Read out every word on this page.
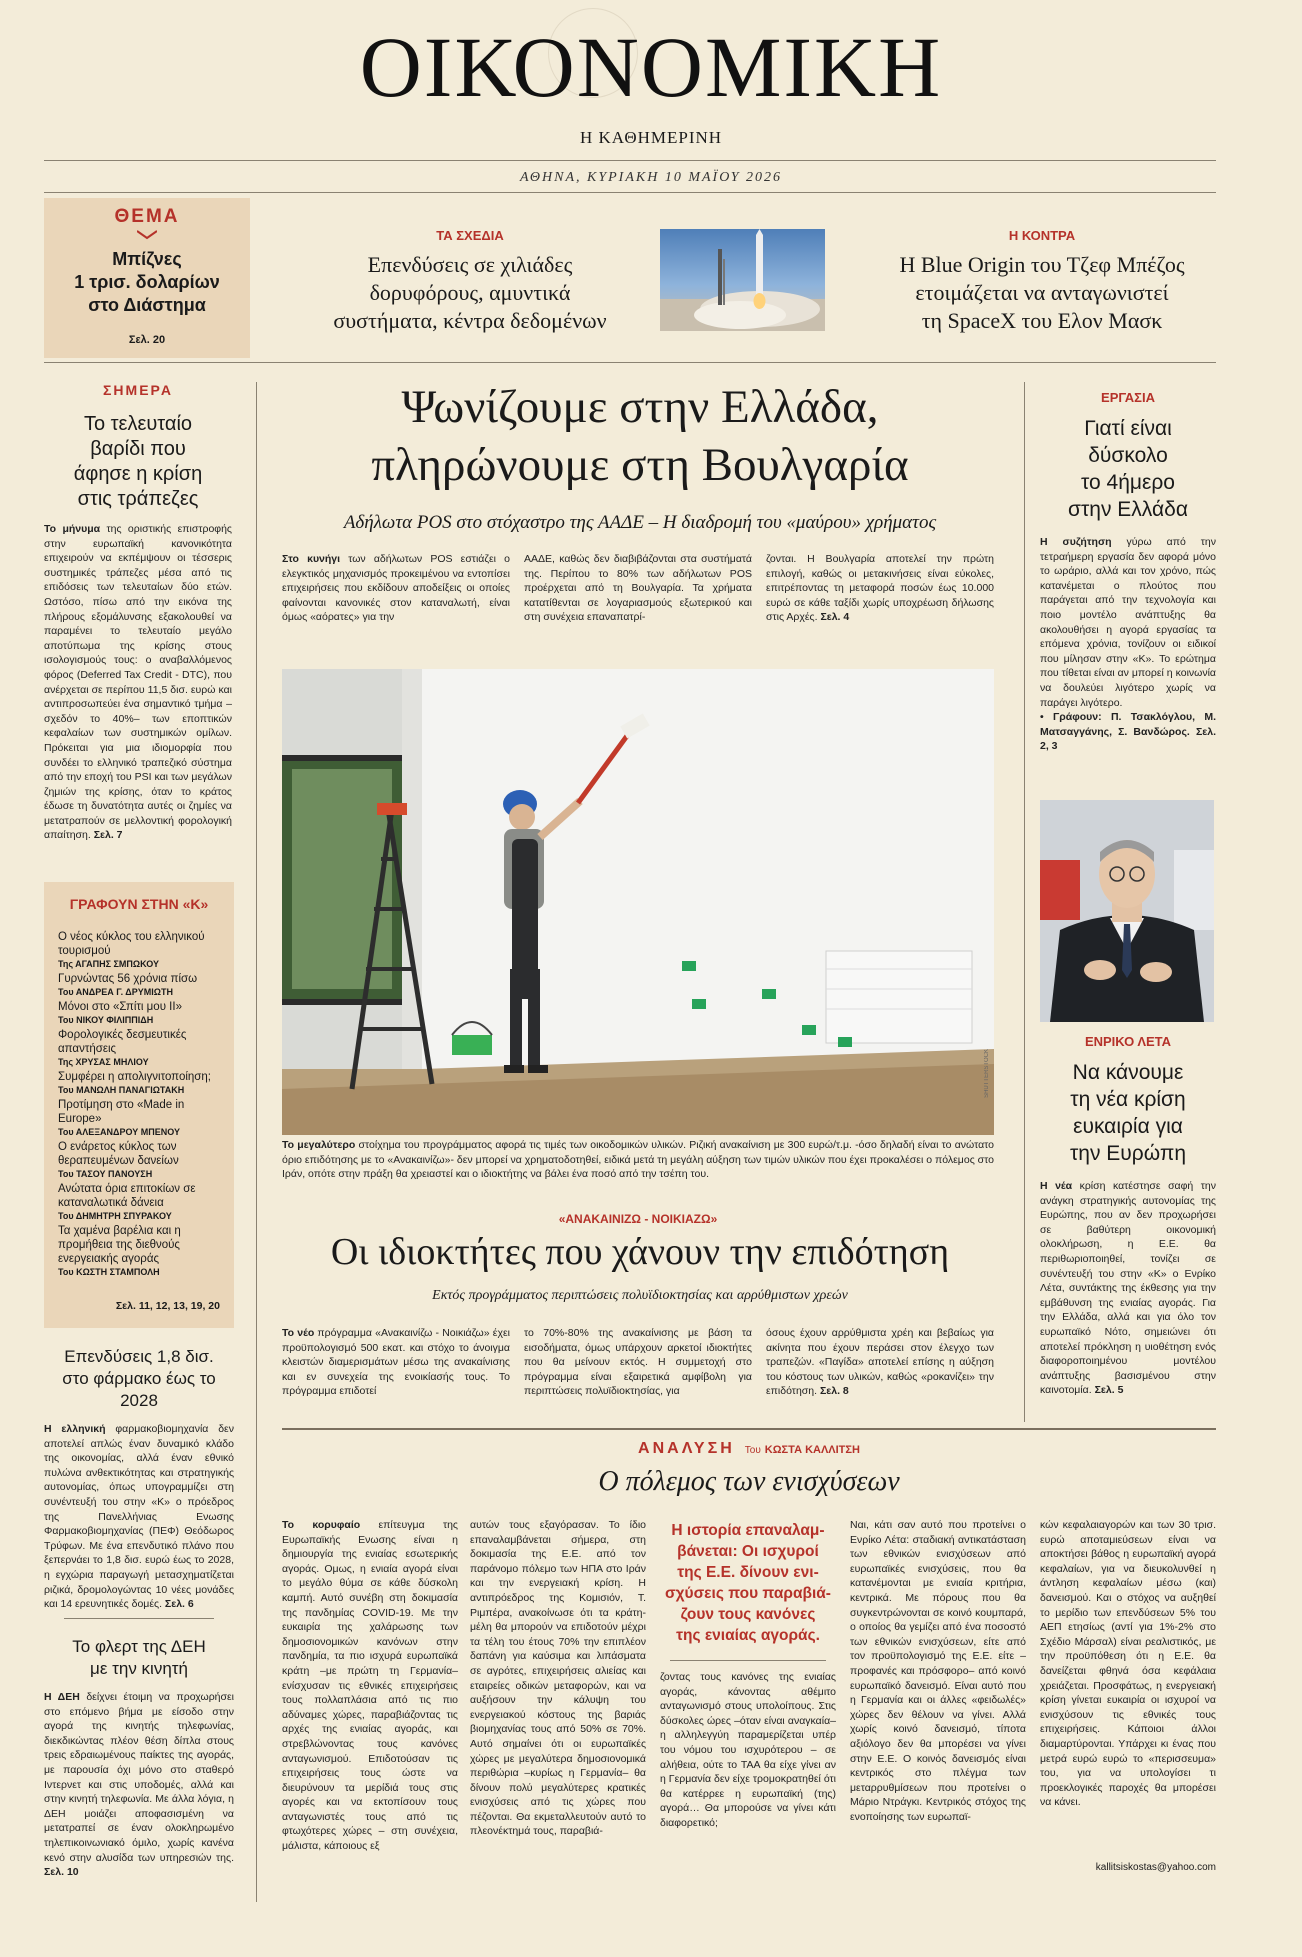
ΟΙΚΟΝΟΜΙΚΗ
Η ΚΑΘΗΜΕΡΙΝΗ
ΑΘΗΝΑ, ΚΥΡΙΑΚΗ 10 ΜΑΪΟΥ 2026
ΘΕΜΑ
Μπίζνες
1 τρισ. δολαρίων
στο Διάστημα
Σελ. 20
ΤΑ ΣΧΕΔΙΑ
Επενδύσεις σε χιλιάδες
δορυφόρους, αμυντικά
συστήματα, κέντρα δεδομένων
Η ΚΟΝΤΡΑ
Η Blue Origin του Τζεφ Μπέζος
ετοιμάζεται να ανταγωνιστεί
τη SpaceX του Ελον Μασκ
ΣΗΜΕΡΑ
Το τελευταίο
βαρίδι που
άφησε η κρίση
στις τράπεζες
Το μήνυμα της οριστικής επιστροφής στην ευρωπαϊκή κανονικότητα επιχειρούν να εκπέμψουν οι τέσσερις συστημικές τράπεζες μέσα από τις επιδόσεις των τελευταίων δύο ετών. Ωστόσο, πίσω από την εικόνα της πλήρους εξομάλυνσης εξακολουθεί να παραμένει το τελευταίο μεγάλο αποτύπωμα της κρίσης στους ισολογισμούς τους: ο αναβαλλόμενος φόρος (Deferred Tax Credit - DTC), που ανέρχεται σε περίπου 11,5 δισ. ευρώ και αντιπροσωπεύει ένα σημαντικό τμήμα –σχεδόν το 40%– των εποπτικών κεφαλαίων των συστημικών ομίλων. Πρόκειται για μια ιδιομορφία που συνδέει το ελληνικό τραπεζικό σύστημα από την εποχή του PSI και των μεγάλων ζημιών της κρίσης, όταν το κράτος έδωσε τη δυνατότητα αυτές οι ζημίες να μετατραπούν σε μελλοντική φορολογική απαίτηση. Σελ. 7
ΓΡΑΦΟΥΝ ΣΤΗΝ «Κ»
Ο νέος κύκλος του ελληνικού τουρισμού
Της ΑΓΑΠΗΣ ΣΜΠΩΚΟΥ
Γυρνώντας 56 χρόνια πίσω
Του ΑΝΔΡΕΑ Γ. ΔΡΥΜΙΩΤΗ
Μόνοι στο «Σπίτι μου ΙΙ»
Του ΝΙΚΟΥ ΦΙΛΙΠΠΙΔΗ
Φορολογικές δεσμευτικές απαντήσεις
Της ΧΡΥΣΑΣ ΜΗΛΙΟΥ
Συμφέρει η απολιγνιτοποίηση;
Του ΜΑΝΩΛΗ ΠΑΝΑΓΙΩΤΑΚΗ
Προτίμηση στο «Made in Europe»
Του ΑΛΕΞΑΝΔΡΟΥ ΜΠΕΝΟΥ
Ο ενάρετος κύκλος των θεραπευμένων δανείων
Του ΤΑΣΟΥ ΠΑΝΟΥΣΗ
Ανώτατα όρια επιτοκίων σε καταναλωτικά δάνεια
Του ΔΗΜΗΤΡΗ ΣΠΥΡΑΚΟΥ
Τα χαμένα βαρέλια και η προμήθεια της διεθνούς ενεργειακής αγοράς
Του ΚΩΣΤΗ ΣΤΑΜΠΟΛΗ
Σελ. 11, 12, 13, 19, 20
Επενδύσεις 1,8 δισ.
στο φάρμακο έως το 2028
Η ελληνική φαρμακοβιομηχανία δεν αποτελεί απλώς έναν δυναμικό κλάδο της οικονομίας, αλλά έναν εθνικό πυλώνα ανθεκτικότητας και στρατηγικής αυτονομίας, όπως υπογραμμίζει στη συνέντευξή του στην «Κ» ο πρόεδρος της Πανελλήνιας Ενωσης Φαρμακοβιομηχανίας (ΠΕΦ) Θεόδωρος Τρύφων. Με ένα επενδυτικό πλάνο που ξεπερνάει το 1,8 δισ. ευρώ έως το 2028, η εγχώρια παραγωγή μετασχηματίζεται ριζικά, δρομολογώντας 10 νέες μονάδες και 14 ερευνητικές δομές. Σελ. 6
Το φλερτ της ΔΕΗ
με την κινητή
Η ΔΕΗ δείχνει έτοιμη να προχωρήσει στο επόμενο βήμα με είσοδο στην αγορά της κινητής τηλεφωνίας, διεκδικώντας πλέον θέση δίπλα στους τρεις εδραιωμένους παίκτες της αγοράς, με παρουσία όχι μόνο στο σταθερό Ιντερνετ και στις υποδομές, αλλά και στην κινητή τηλεφωνία. Με άλλα λόγια, η ΔΕΗ μοιάζει αποφασισμένη να μετατραπεί σε έναν ολοκληρωμένο τηλεπικοινωνιακό όμιλο, χωρίς κανένα κενό στην αλυσίδα των υπηρεσιών της. Σελ. 10
Ψωνίζουμε στην Ελλάδα,
πληρώνουμε στη Βουλγαρία
Αδήλωτα POS στο στόχαστρο της ΑΑΔΕ – Η διαδρομή του «μαύρου» χρήματος
Στο κυνήγι των αδήλωτων POS εστιάζει ο ελεγκτικός μηχανισμός προκειμένου να εντοπίσει επιχειρήσεις που εκδίδουν αποδείξεις οι οποίες φαίνονται κανονικές στον καταναλωτή, είναι όμως «αόρατες» για την
ΑΑΔΕ, καθώς δεν διαβιβάζονται στα συστήματά της. Περίπου το 80% των αδήλωτων POS προέρχεται από τη Βουλγαρία. Τα χρήματα κατατίθενται σε λογαριασμούς εξωτερικού και στη συνέχεια επαναπατρί-
ζονται. Η Βουλγαρία αποτελεί την πρώτη επιλογή, καθώς οι μετακινήσεις είναι εύκολες, επιτρέποντας τη μεταφορά ποσών έως 10.000 ευρώ σε κάθε ταξίδι χωρίς υποχρέωση δήλωσης στις Αρχές. Σελ. 4
SHUTTERSTOCK
Το μεγαλύτερο στοίχημα του προγράμματος αφορά τις τιμές των οικοδομικών υλικών. Ριζική ανακαίνιση με 300 ευρώ/τ.μ. -όσο δηλαδή είναι το ανώτατο όριο επιδότησης με το «Ανακαινίζω»- δεν μπορεί να χρηματοδοτηθεί, ειδικά μετά τη μεγάλη αύξηση των τιμών υλικών που έχει προκαλέσει ο πόλεμος στο Ιράν, οπότε στην πράξη θα χρειαστεί και ο ιδιοκτήτης να βάλει ένα ποσό από την τσέπη του.
«ΑΝΑΚΑΙΝΙΖΩ - ΝΟΙΚΙΑΖΩ»
Οι ιδιοκτήτες που χάνουν την επιδότηση
Εκτός προγράμματος περιπτώσεις πολυϊδιοκτησίας και αρρύθμιστων χρεών
Το νέο πρόγραμμα «Ανακαινίζω - Νοικιάζω» έχει προϋπολογισμό 500 εκατ. και στόχο το άνοιγμα κλειστών διαμερισμάτων μέσω της ανακαίνισης και εν συνεχεία της ενοικίασής τους. Το πρόγραμμα επιδοτεί
το 70%-80% της ανακαίνισης με βάση τα εισοδήματα, όμως υπάρχουν αρκετοί ιδιοκτήτες που θα μείνουν εκτός. Η συμμετοχή στο πρόγραμμα είναι εξαιρετικά αμφίβολη για περιπτώσεις πολυϊδιοκτησίας, για
όσους έχουν αρρύθμιστα χρέη και βεβαίως για ακίνητα που έχουν περάσει στον έλεγχο των τραπεζών. «Παγίδα» αποτελεί επίσης η αύξηση του κόστους των υλικών, καθώς «ροκανίζει» την επιδότηση. Σελ. 8
ΕΡΓΑΣΙΑ
Γιατί είναι
δύσκολο
το 4ήμερο
στην Ελλάδα
Η συζήτηση γύρω από την τετραήμερη εργασία δεν αφορά μόνο το ωράριο, αλλά και τον χρόνο, πώς κατανέμεται ο πλούτος που παράγεται από την τεχνολογία και ποιο μοντέλο ανάπτυξης θα ακολουθήσει η αγορά εργασίας τα επόμενα χρόνια, τονίζουν οι ειδικοί που μίλησαν στην «Κ». Το ερώτημα που τίθεται είναι αν μπορεί η κοινωνία να δουλεύει λιγότερο χωρίς να παράγει λιγότερο.
• Γράφουν: Π. Τσακλόγλου, Μ. Ματσαγγάνης, Σ. Βανδώρος. Σελ. 2, 3
ΕΝΡΙΚΟ ΛΕΤΑ
Να κάνουμε
τη νέα κρίση
ευκαιρία για
την Ευρώπη
Η νέα κρίση κατέστησε σαφή την ανάγκη στρατηγικής αυτονομίας της Ευρώπης, που αν δεν προχωρήσει σε βαθύτερη οικονομική ολοκλήρωση, η Ε.Ε. θα περιθωριοποιηθεί, τονίζει σε συνέντευξή του στην «Κ» ο Ενρίκο Λέτα, συντάκτης της έκθεσης για την εμβάθυνση της ενιαίας αγοράς. Για την Ελλάδα, αλλά και για όλο τον ευρωπαϊκό Νότο, σημειώνει ότι αποτελεί πρόκληση η υιοθέτηση ενός διαφοροποιημένου μοντέλου ανάπτυξης βασισμένου στην καινοτομία. Σελ. 5
ΑΝΑΛΥΣΗ Του ΚΩΣΤΑ ΚΑΛΛΙΤΣΗ
Ο πόλεμος των ενισχύσεων
Το κορυφαίο επίτευγμα της Ευρωπαϊκής Ενωσης είναι η δημιουργία της ενιαίας εσωτερικής αγοράς. Ομως, η ενιαία αγορά είναι το μεγάλο θύμα σε κάθε δύσκολη καμπή. Αυτό συνέβη στη δοκιμασία της πανδημίας COVID-19. Με την ευκαιρία της χαλάρωσης των δημοσιονομικών κανόνων στην πανδημία, τα πιο ισχυρά ευρωπαϊκά κράτη –με πρώτη τη Γερμανία– ενίσχυσαν τις εθνικές επιχειρήσεις τους πολλαπλάσια από τις πιο αδύναμες χώρες, παραβιάζοντας τις αρχές της ενιαίας αγοράς, και στρεβλώνοντας τους κανόνες ανταγωνισμού. Επιδοτούσαν τις επιχειρήσεις τους ώστε να διευρύνουν τα μερίδιά τους στις αγορές και να εκτοπίσουν τους ανταγωνιστές τους από τις φτωχότερες χώρες – στη συνέχεια, μάλιστα, κάποιους εξ
αυτών τους εξαγόρασαν. Το ίδιο επαναλαμβάνεται σήμερα, στη δοκιμασία της Ε.Ε. από τον παράνομο πόλεμο των ΗΠΑ στο Ιράν και την ενεργειακή κρίση. Η αντιπρόεδρος της Κομισιόν, Τ. Ριμπέρα, ανακοίνωσε ότι τα κράτη-μέλη θα μπορούν να επιδοτούν μέχρι τα τέλη του έτους 70% την επιπλέον δαπάνη για καύσιμα και λιπάσματα σε αγρότες, επιχειρήσεις αλιείας και εταιρείες οδικών μεταφορών, και να αυξήσουν την κάλυψη του ενεργειακού κόστους της βαριάς βιομηχανίας τους από 50% σε 70%. Αυτό σημαίνει ότι οι ευρωπαϊκές χώρες με μεγαλύτερα δημοσιονομικά περιθώρια –κυρίως η Γερμανία– θα δίνουν πολύ μεγαλύτερες κρατικές ενισχύσεις από τις χώρες που πέζονται. Θα εκμεταλλευτούν αυτό το πλεονέκτημά τους, παραβιά-
Η ιστορία επαναλαμ-
βάνεται: Οι ισχυροί
της Ε.Ε. δίνουν ενι-
σχύσεις που παραβιά-
ζουν τους κανόνες
της ενιαίας αγοράς.
ζοντας τους κανόνες της ενιαίας αγοράς, κάνοντας αθέμιτο ανταγωνισμό στους υπολοίπους. Στις δύσκολες ώρες –όταν είναι αναγκαία– η αλληλεγγύη παραμερίζεται υπέρ του νόμου του ισχυρότερου – σε αλήθεια, ούτε το ΤΑΑ θα είχε γίνει αν η Γερμανία δεν είχε τρομοκρατηθεί ότι θα κατέρρεε η ευρωπαϊκή (της) αγορά… Θα μπορούσε να γίνει κάτι διαφορετικό;
Ναι, κάτι σαν αυτό που προτείνει ο Ενρίκο Λέτα: σταδιακή αντικατάσταση των εθνικών ενισχύσεων από ευρωπαϊκές ενισχύσεις, που θα κατανέμονται με ενιαία κριτήρια, κεντρικά. Με πόρους που θα συγκεντρώνονται σε κοινό κουμπαρά, ο οποίος θα γεμίζει από ένα ποσοστό των εθνικών ενισχύσεων, είτε από τον προϋπολογισμό της Ε.Ε. είτε –προφανές και πρόσφορο– από κοινό ευρωπαϊκό δανεισμό. Είναι αυτό που η Γερμανία και οι άλλες «φειδωλές» χώρες δεν θέλουν να γίνει. Αλλά χωρίς κοινό δανεισμό, τίποτα αξιόλογο δεν θα μπορέσει να γίνει στην Ε.Ε. Ο κοινός δανεισμός είναι κεντρικός στο πλέγμα των μεταρρυθμίσεων που προτείνει ο Μάριο Ντράγκι. Κεντρικός στόχος της ενοποίησης των ευρωπαϊ-
κών κεφαλαιαγορών και των 30 τρισ. ευρώ αποταμιεύσεων είναι να αποκτήσει βάθος η ευρωπαϊκή αγορά κεφαλαίων, για να διευκολυνθεί η άντληση κεφαλαίων μέσω (και) δανεισμού. Και ο στόχος να αυξηθεί το μερίδιο των επενδύσεων 5% του ΑΕΠ ετησίως (αντί για 1%-2% στο Σχέδιο Μάρσαλ) είναι ρεαλιστικός, με την προϋπόθεση ότι η Ε.Ε. θα δανείζεται φθηνά όσα κεφάλαια χρειάζεται. Προσφάτως, η ενεργειακή κρίση γίνεται ευκαιρία οι ισχυροί να ενισχύσουν τις εθνικές τους επιχειρήσεις. Κάποιοι άλλοι διαμαρτύρονται. Υπάρχει κι ένας που μετρά ευρώ ευρώ το «περισσευμα» του, για να υπολογίσει τι προεκλογικές παροχές θα μπορέσει να κάνει.
kallitsiskostas@yahoo.com
